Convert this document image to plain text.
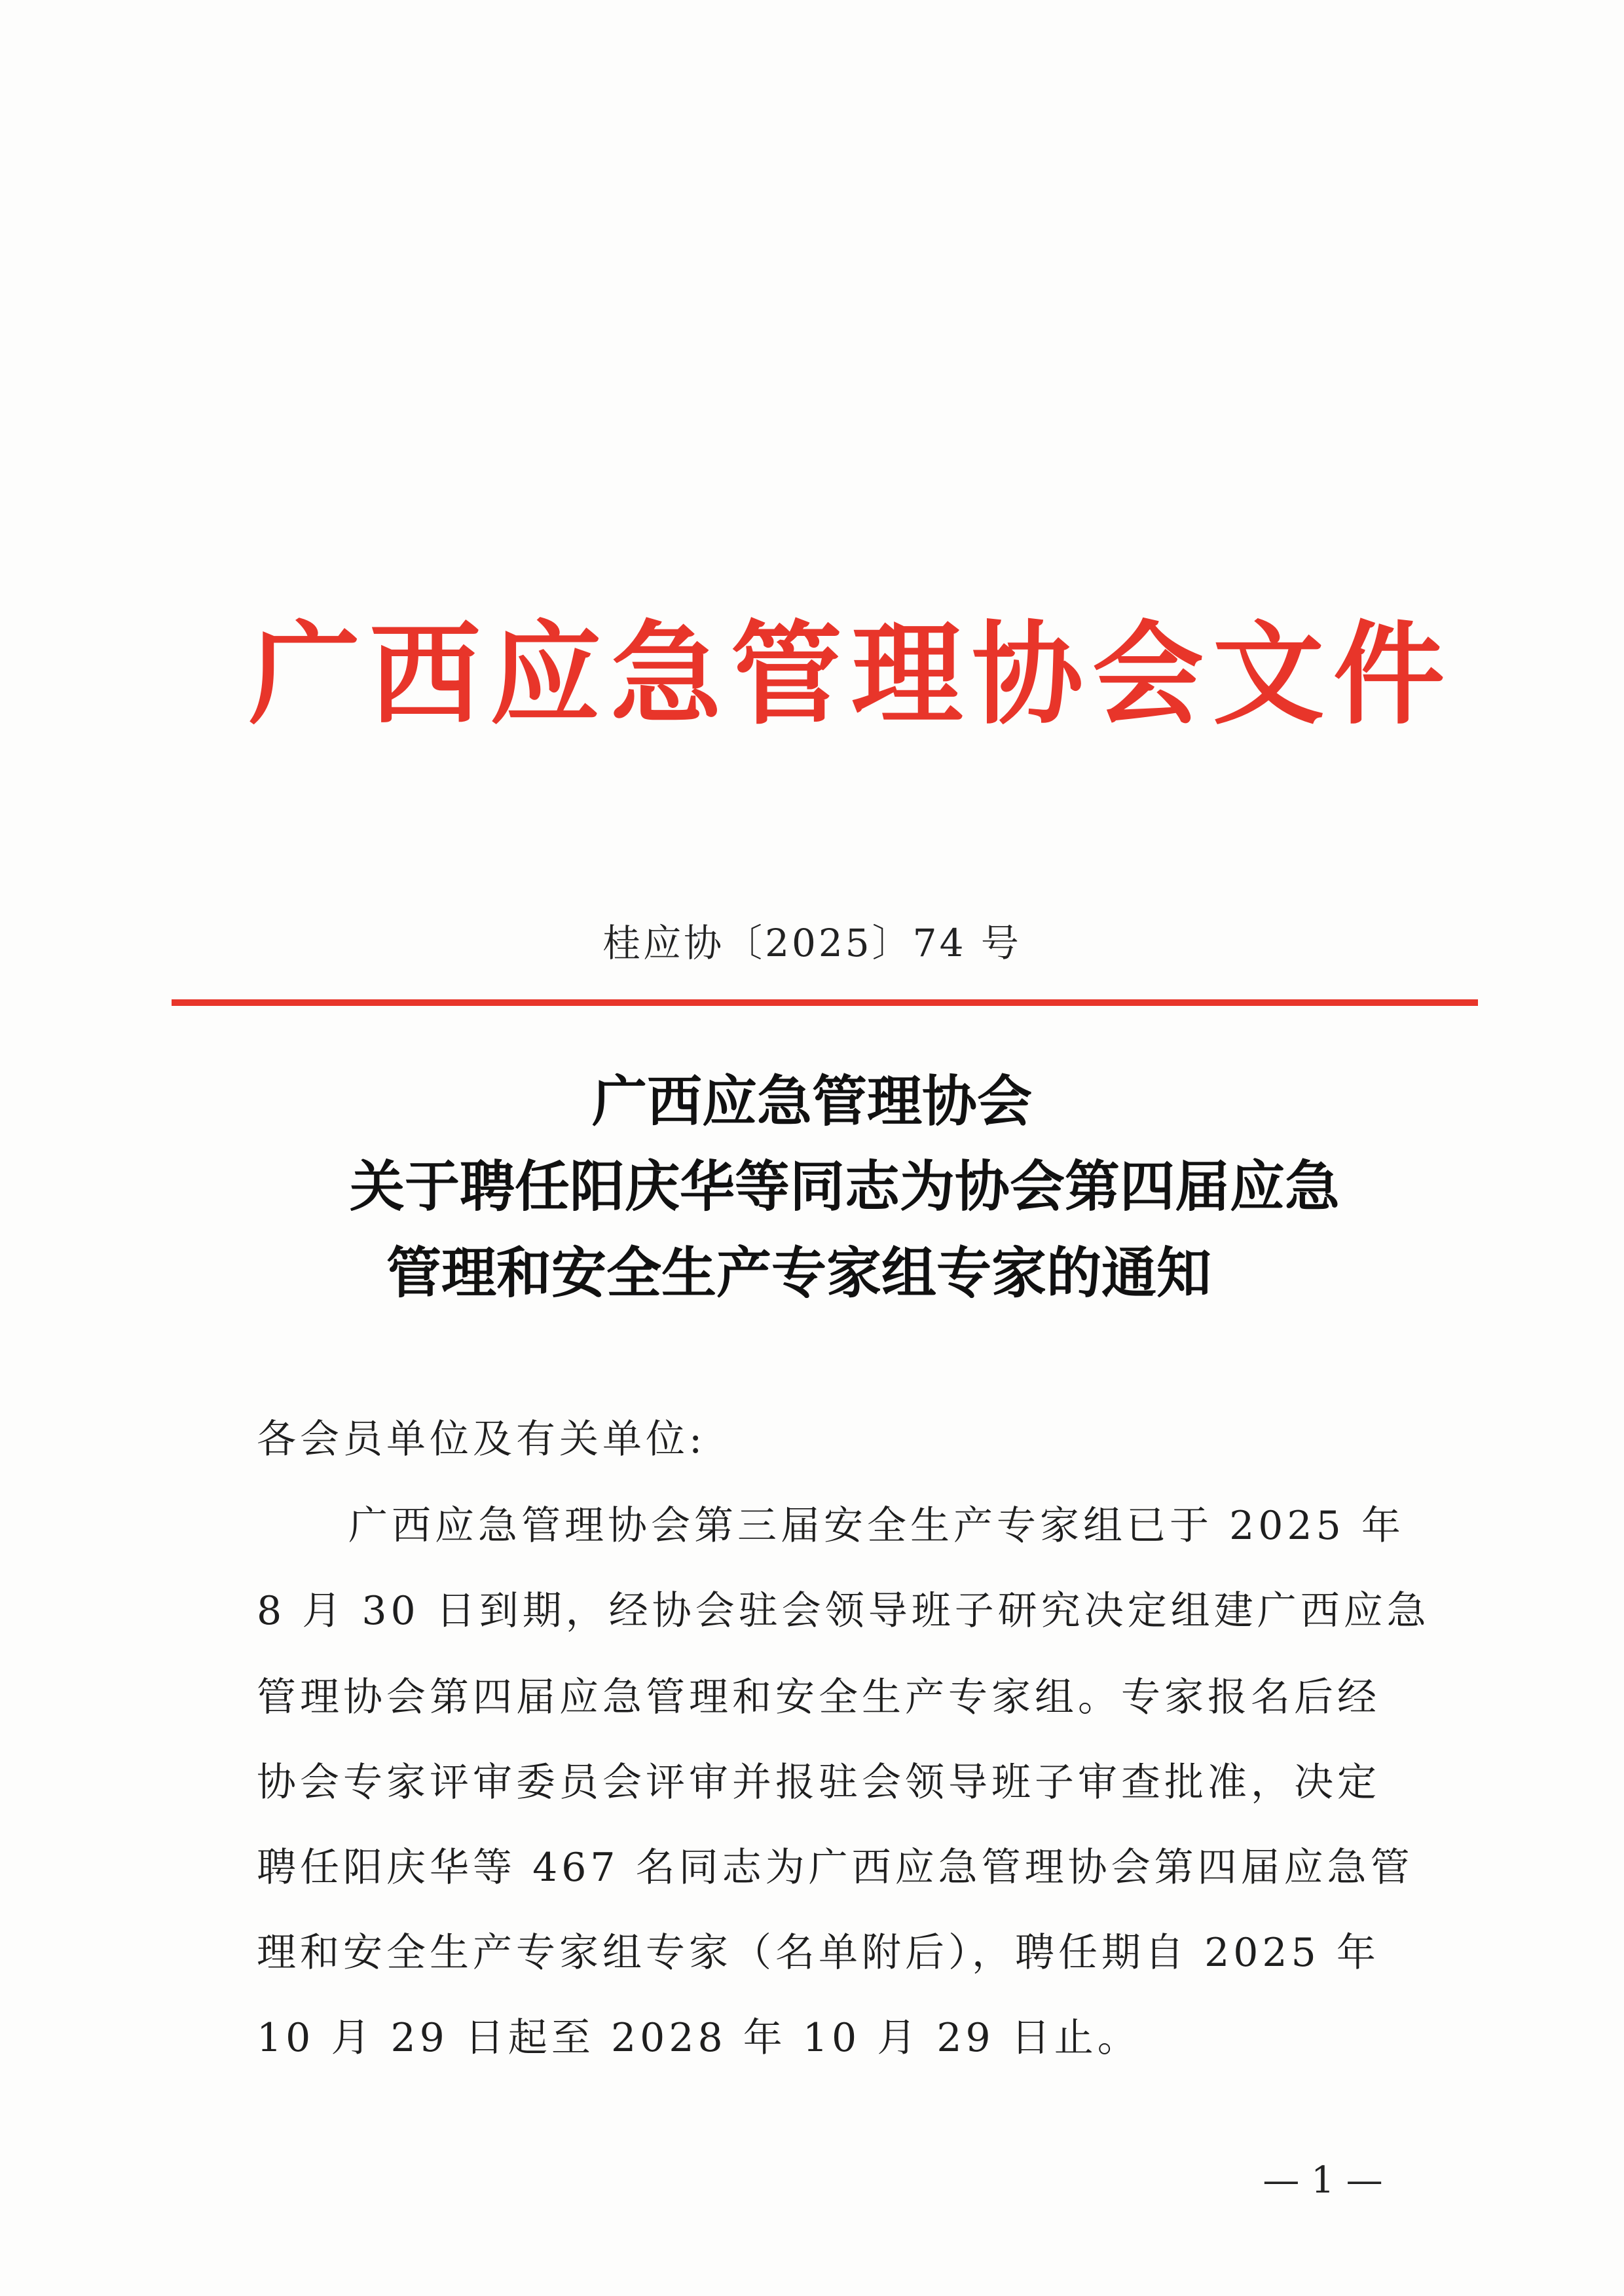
广西应急管理协会文件
桂应协〔2025〕74 号
广西应急管理协会
关于聘任阳庆华等同志为协会第四届应急
管理和安全生产专家组专家的通知
各会员单位及有关单位:
广西应急管理协会第三届安全生产专家组已于 2025 年
8 月 30 日到期，经协会驻会领导班子研究决定组建广西应急
管理协会第四届应急管理和安全生产专家组。专家报名后经
协会专家评审委员会评审并报驻会领导班子审查批准，决定
聘任阳庆华等 467 名同志为广西应急管理协会第四届应急管
理和安全生产专家组专家（名单附后），聘任期自 2025 年
10 月 29 日起至 2028 年 10 月 29 日止。
— 1 —
